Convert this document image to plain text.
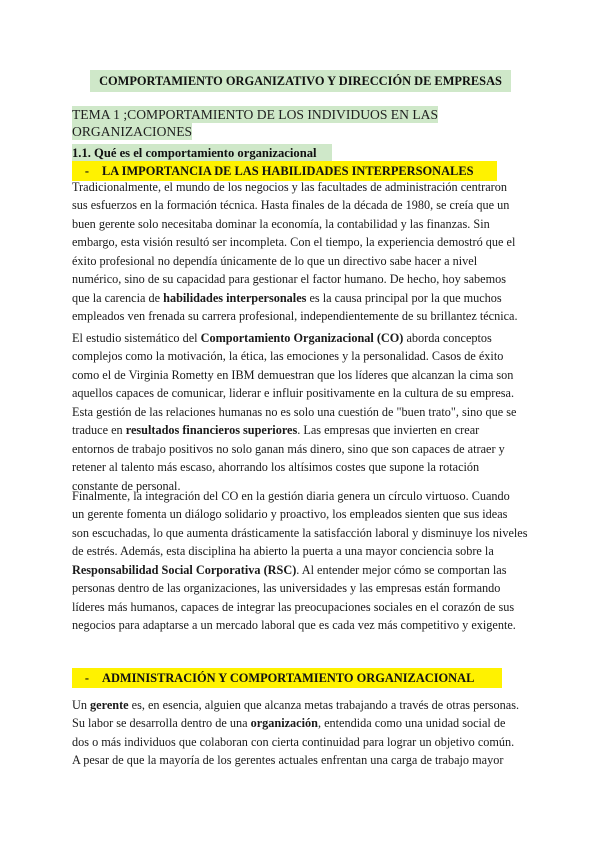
COMPORTAMIENTO ORGANIZATIVO Y DIRECCIÓN DE EMPRESAS
TEMA 1 ;COMPORTAMIENTO DE LOS INDIVIDUOS EN LAS
ORGANIZACIONES
1.1. Qué es el comportamiento organizacional
- LA IMPORTANCIA DE LAS HABILIDADES INTERPERSONALES
Tradicionalmente, el mundo de los negocios y las facultades de administración centraron
sus esfuerzos en la formación técnica. Hasta finales de la década de 1980, se creía que un
buen gerente solo necesitaba dominar la economía, la contabilidad y las finanzas. Sin
embargo, esta visión resultó ser incompleta. Con el tiempo, la experiencia demostró que el
éxito profesional no dependía únicamente de lo que un directivo sabe hacer a nivel
numérico, sino de su capacidad para gestionar el factor humano. De hecho, hoy sabemos
que la carencia de habilidades interpersonales es la causa principal por la que muchos
empleados ven frenada su carrera profesional, independientemente de su brillantez técnica.
El estudio sistemático del Comportamiento Organizacional (CO) aborda conceptos
complejos como la motivación, la ética, las emociones y la personalidad. Casos de éxito
como el de Virginia Rometty en IBM demuestran que los líderes que alcanzan la cima son
aquellos capaces de comunicar, liderar e influir positivamente en la cultura de su empresa.
Esta gestión de las relaciones humanas no es solo una cuestión de "buen trato", sino que se
traduce en resultados financieros superiores. Las empresas que invierten en crear
entornos de trabajo positivos no solo ganan más dinero, sino que son capaces de atraer y
retener al talento más escaso, ahorrando los altísimos costes que supone la rotación
constante de personal.
Finalmente, la integración del CO en la gestión diaria genera un círculo virtuoso. Cuando
un gerente fomenta un diálogo solidario y proactivo, los empleados sienten que sus ideas
son escuchadas, lo que aumenta drásticamente la satisfacción laboral y disminuye los niveles
de estrés. Además, esta disciplina ha abierto la puerta a una mayor conciencia sobre la
Responsabilidad Social Corporativa (RSC). Al entender mejor cómo se comportan las
personas dentro de las organizaciones, las universidades y las empresas están formando
líderes más humanos, capaces de integrar las preocupaciones sociales en el corazón de sus
negocios para adaptarse a un mercado laboral que es cada vez más competitivo y exigente.
- ADMINISTRACIÓN Y COMPORTAMIENTO ORGANIZACIONAL
Un gerente es, en esencia, alguien que alcanza metas trabajando a través de otras personas.
Su labor se desarrolla dentro de una organización, entendida como una unidad social de
dos o más individuos que colaboran con cierta continuidad para lograr un objetivo común.
A pesar de que la mayoría de los gerentes actuales enfrentan una carga de trabajo mayor
